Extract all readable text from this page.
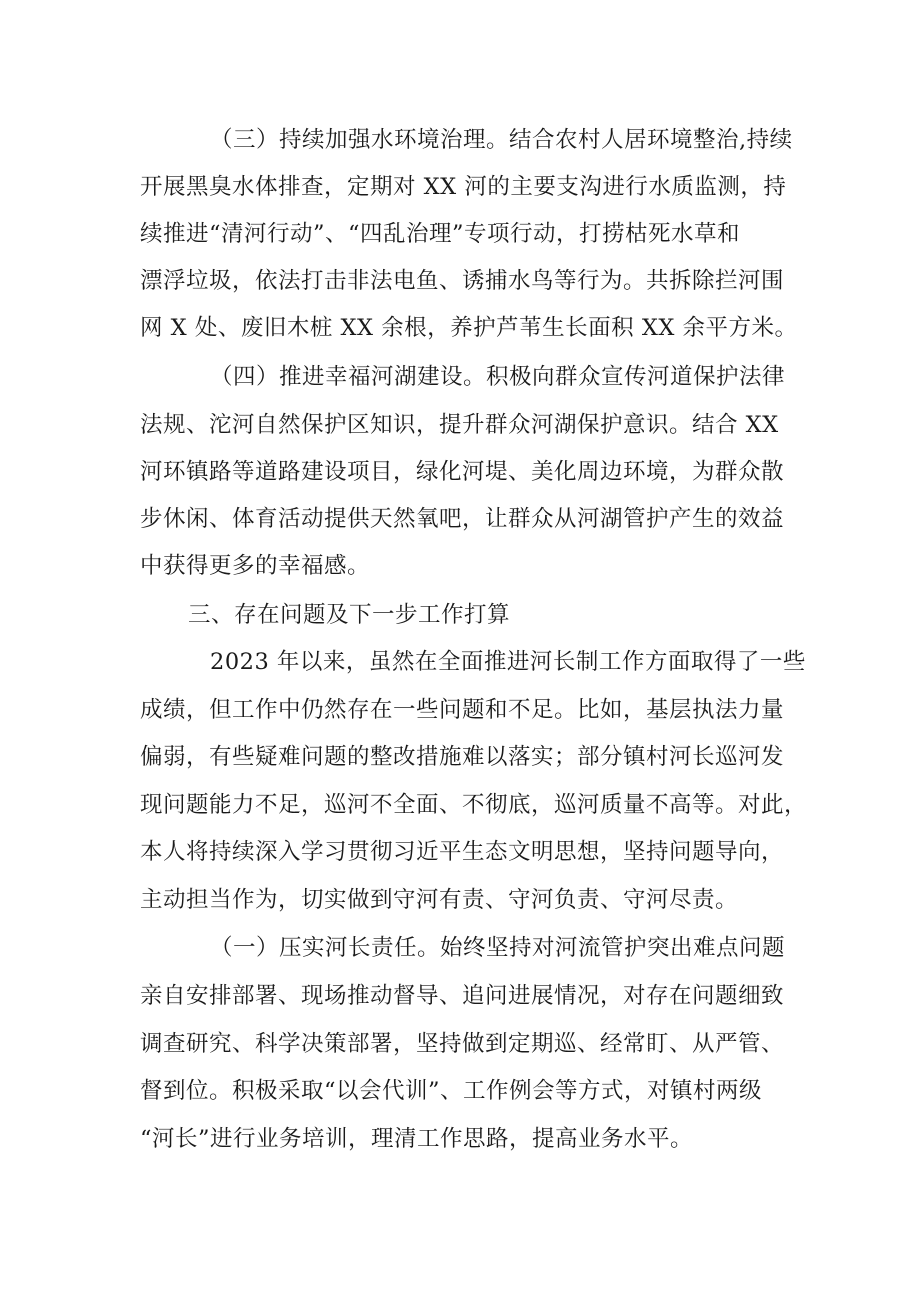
（三）持续加强水环境治理。结合农村人居环境整治,持续
开展黑臭水体排查，定期对 XX 河的主要支沟进行水质监测，持
续推进“清河行动”、“四乱治理”专项行动，打捞枯死水草和
漂浮垃圾，依法打击非法电鱼、诱捕水鸟等行为。共拆除拦河围
网 X 处、废旧木桩 XX 余根，养护芦苇生长面积 XX 余平方米。
（四）推进幸福河湖建设。积极向群众宣传河道保护法律
法规、沱河自然保护区知识，提升群众河湖保护意识。结合 XX
河环镇路等道路建设项目，绿化河堤、美化周边环境，为群众散
步休闲、体育活动提供天然氧吧，让群众从河湖管护产生的效益
中获得更多的幸福感。
三、存在问题及下一步工作打算
2023 年以来，虽然在全面推进河长制工作方面取得了一些
成绩，但工作中仍然存在一些问题和不足。比如，基层执法力量
偏弱，有些疑难问题的整改措施难以落实；部分镇村河长巡河发
现问题能力不足，巡河不全面、不彻底，巡河质量不高等。对此，
本人将持续深入学习贯彻习近平生态文明思想，坚持问题导向，
主动担当作为，切实做到守河有责、守河负责、守河尽责。
（一）压实河长责任。始终坚持对河流管护突出难点问题
亲自安排部署、现场推动督导、追问进展情况，对存在问题细致
调查研究、科学决策部署，坚持做到定期巡、经常盯、从严管、
督到位。积极采取“以会代训”、工作例会等方式，对镇村两级
“河长”进行业务培训，理清工作思路，提高业务水平。
